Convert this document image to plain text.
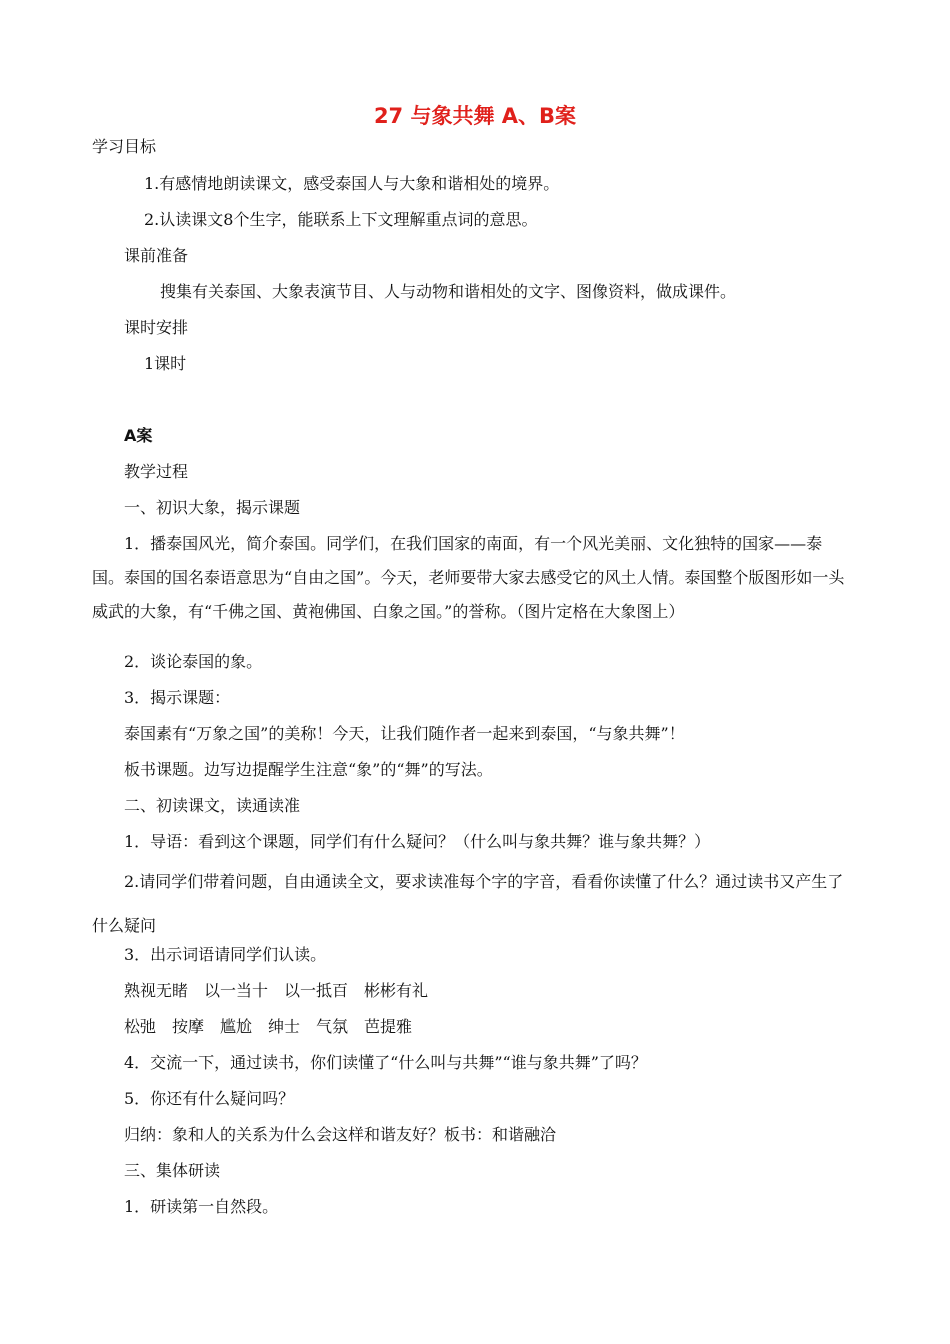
27 与象共舞 A、B案
学习目标
1.有感情地朗读课文，感受泰国人与大象和谐相处的境界。
2.认读课文8个生字，能联系上下文理解重点词的意思。
课前准备
搜集有关泰国、大象表演节目、人与动物和谐相处的文字、图像资料，做成课件。
课时安排
1课时
A案
教学过程
一、初识大象，揭示课题
1．播泰国风光，简介泰国。同学们，在我们国家的南面，有一个风光美丽、文化独特的国家——泰国。泰国的国名泰语意思为“自由之国”。今天，老师要带大家去感受它的风土人情。泰国整个版图形如一头威武的大象，有“千佛之国、黄袍佛国、白象之国。”的誉称。（图片定格在大象图上）
2．谈论泰国的象。
3．揭示课题：
泰国素有“万象之国”的美称！今天，让我们随作者一起来到泰国，“与象共舞”！
板书课题。边写边提醒学生注意“象”的“舞”的写法。
二、初读课文，读通读准
1．导语：看到这个课题，同学们有什么疑问？（什么叫与象共舞？谁与象共舞？）
2.请同学们带着问题，自由通读全文，要求读准每个字的字音，看看你读懂了什么？通过读书又产生了什么疑问
3．出示词语请同学们认读。
熟视无睹　以一当十　以一抵百　彬彬有礼
松弛　按摩　尴尬　绅士　气氛　芭提雅
4．交流一下，通过读书，你们读懂了“什么叫与共舞”“谁与象共舞”了吗？
5．你还有什么疑问吗？
归纳：象和人的关系为什么会这样和谐友好？板书：和谐融洽
三、集体研读
1．研读第一自然段。
